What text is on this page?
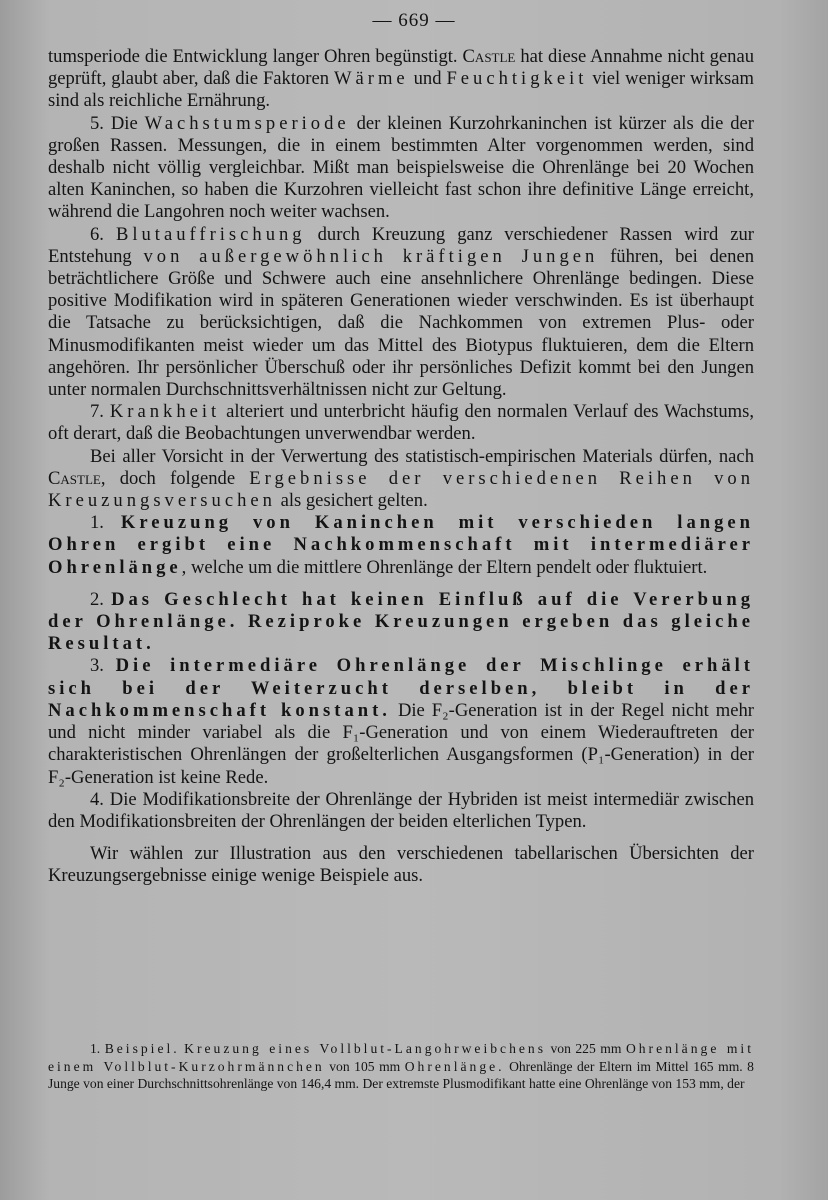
— 669 —

tumsperiode die Entwicklung langer Ohren begünstigt. Castle hat diese Annahme nicht genau geprüft, glaubt aber, daß die Faktoren Wärme und Feuchtigkeit viel weniger wirksam sind als reichliche Ernährung.

5. Die Wachstumsperiode der kleinen Kurzohrkaninchen ist kürzer als die der großen Rassen. Messungen, die in einem bestimmten Alter vorgenommen werden, sind deshalb nicht völlig vergleichbar. Mißt man beispielsweise die Ohrenlänge bei 20 Wochen alten Kaninchen, so haben die Kurzohren vielleicht fast schon ihre definitive Länge erreicht, während die Langohren noch weiter wachsen.

6. Blutauffrischung durch Kreuzung ganz verschiedener Rassen wird zur Entstehung von außergewöhnlich kräftigen Jungen führen, bei denen beträchtlichere Größe und Schwere auch eine ansehnlichere Ohrenlänge bedingen. Diese positive Modifikation wird in späteren Generationen wieder verschwinden. Es ist überhaupt die Tatsache zu berücksichtigen, daß die Nachkommen von extremen Plus- oder Minusmodifikanten meist wieder um das Mittel des Biotypus fluktuieren, dem die Eltern angehören. Ihr persönlicher Überschuß oder ihr persönliches Defizit kommt bei den Jungen unter normalen Durchschnittsverhältnissen nicht zur Geltung.

7. Krankheit alteriert und unterbricht häufig den normalen Verlauf des Wachstums, oft derart, daß die Beobachtungen unverwendbar werden.

Bei aller Vorsicht in der Verwertung des statistisch-empirischen Materials dürfen, nach Castle, doch folgende Ergebnisse der verschiedenen Reihen von Kreuzungsversuchen als gesichert gelten.

1. Kreuzung von Kaninchen mit verschieden langen Ohren ergibt eine Nachkommenschaft mit intermediärer Ohrenlänge, welche um die mittlere Ohrenlänge der Eltern pendelt oder fluktuiert.

2. Das Geschlecht hat keinen Einfluß auf die Vererbung der Ohrenlänge. Reziproke Kreuzungen ergeben das gleiche Resultat.

3. Die intermediäre Ohrenlänge der Mischlinge erhält sich bei der Weiterzucht derselben, bleibt in der Nachkommenschaft konstant. Die F₂-Generation ist in der Regel nicht mehr und nicht minder variabel als die F₁-Generation und von einem Wiederauftreten der charakteristischen Ohrenlängen der großelterlichen Ausgangsformen (P₁-Generation) in der F₂-Generation ist keine Rede.

4. Die Modifikationsbreite der Ohrenlänge der Hybriden ist meist intermediär zwischen den Modifikationsbreiten der Ohrenlängen der beiden elterlichen Typen.

Wir wählen zur Illustration aus den verschiedenen tabellarischen Übersichten der Kreuzungsergebnisse einige wenige Beispiele aus.

1. Beispiel. Kreuzung eines Vollblut-Langohrweibchens von 225 mm Ohrenlänge mit einem Vollblut-Kurzohrmännchen von 105 mm Ohrenlänge. Ohrenlänge der Eltern im Mittel 165 mm. 8 Junge von einer Durchschnittsohrenlänge von 146,4 mm. Der extremste Plusmodifikant hatte eine Ohrenlänge von 153 mm, der
